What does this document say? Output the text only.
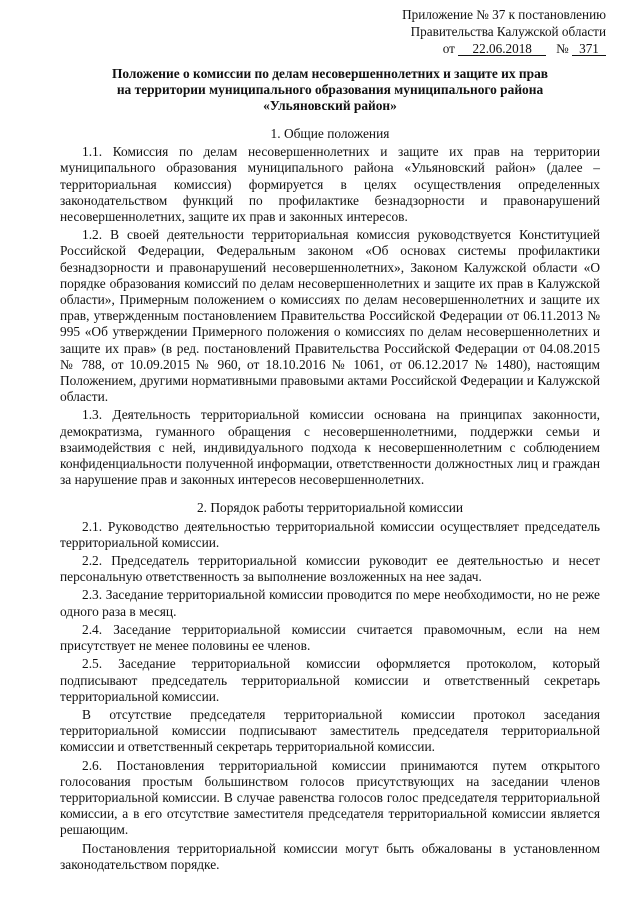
Приложение № 37 к постановлению
Правительства Калужской области
от 22.06.2018 № 371
Положение о комиссии по делам несовершеннолетних и защите их прав
на территории муниципального образования муниципального района
«Ульяновский район»
1. Общие положения

1.1. Комиссия по делам несовершеннолетних и защите их прав на территории муниципального образования муниципального района «Ульяновский район» (далее – территориальная комиссия) формируется в целях осуществления определенных законодательством функций по профилактике безнадзорности и правонарушений несовершеннолетних, защите их прав и законных интересов.

1.2. В своей деятельности территориальная комиссия руководствуется Конституцией Российской Федерации, Федеральным законом «Об основах системы профилактики безнадзорности и правонарушений несовершеннолетних», Законом Калужской области «О порядке образования комиссий по делам несовершеннолетних и защите их прав в Калужской области», Примерным положением о комиссиях по делам несовершеннолетних и защите их прав, утвержденным постановлением Правительства Российской Федерации от 06.11.2013 № 995 «Об утверждении Примерного положения о комиссиях по делам несовершеннолетних и защите их прав» (в ред. постановлений Правительства Российской Федерации от 04.08.2015 № 788, от 10.09.2015 № 960, от 18.10.2016 № 1061, от 06.12.2017 № 1480), настоящим Положением, другими нормативными правовыми актами Российской Федерации и Калужской области.

1.3. Деятельность территориальной комиссии основана на принципах законности, демократизма, гуманного обращения с несовершеннолетними, поддержки семьи и взаимодействия с ней, индивидуального подхода к несовершеннолетним с соблюдением конфиденциальности полученной информации, ответственности должностных лиц и граждан за нарушение прав и законных интересов несовершеннолетних.

2. Порядок работы территориальной комиссии

2.1. Руководство деятельностью территориальной комиссии осуществляет председатель территориальной комиссии.

2.2. Председатель территориальной комиссии руководит ее деятельностью и несет персональную ответственность за выполнение возложенных на нее задач.

2.3. Заседание территориальной комиссии проводится по мере необходимости, но не реже одного раза в месяц.

2.4. Заседание территориальной комиссии считается правомочным, если на нем присутствует не менее половины ее членов.

2.5. Заседание территориальной комиссии оформляется протоколом, который подписывают председатель территориальной комиссии и ответственный секретарь территориальной комиссии.

В отсутствие председателя территориальной комиссии протокол заседания территориальной комиссии подписывают заместитель председателя территориальной комиссии и ответственный секретарь территориальной комиссии.

2.6. Постановления территориальной комиссии принимаются путем открытого голосования простым большинством голосов присутствующих на заседании членов территориальной комиссии. В случае равенства голосов голос председателя территориальной комиссии, а в его отсутствие заместителя председателя территориальной комиссии является решающим.

Постановления территориальной комиссии могут быть обжалованы в установленном законодательством порядке.
